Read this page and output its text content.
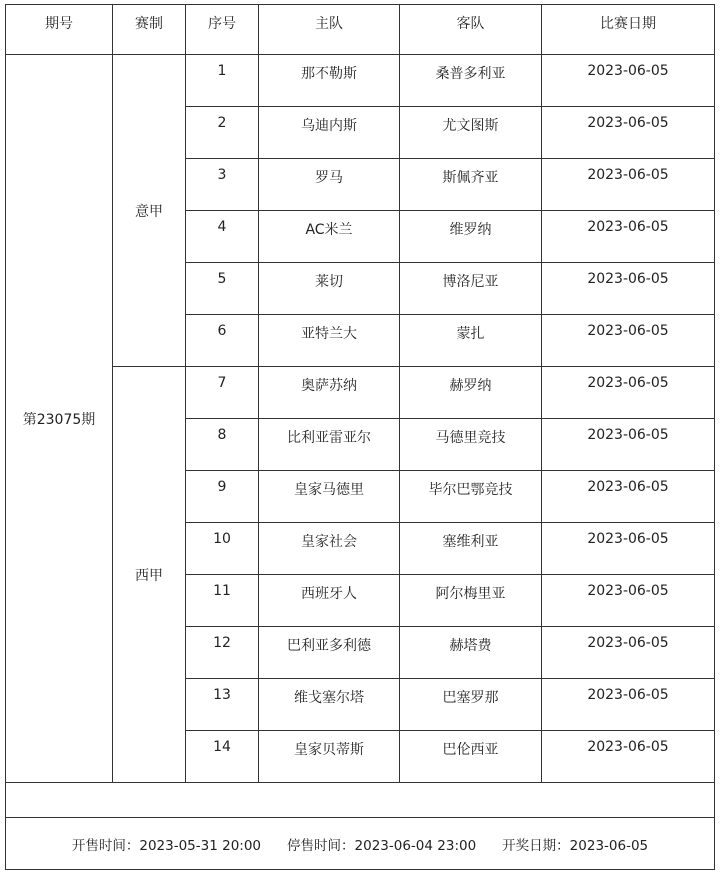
期号	赛制	序号	主队	客队	比赛日期
第23075期	意甲	1	那不勒斯	桑普多利亚	2023-06-05
		2	乌迪内斯	尤文图斯	2023-06-05
		3	罗马	斯佩齐亚	2023-06-05
		4	AC米兰	维罗纳	2023-06-05
		5	莱切	博洛尼亚	2023-06-05
		6	亚特兰大	蒙扎	2023-06-05
	西甲	7	奥萨苏纳	赫罗纳	2023-06-05
		8	比利亚雷亚尔	马德里竞技	2023-06-05
		9	皇家马德里	毕尔巴鄂竞技	2023-06-05
		10	皇家社会	塞维利亚	2023-06-05
		11	西班牙人	阿尔梅里亚	2023-06-05
		12	巴利亚多利德	赫塔费	2023-06-05
		13	维戈塞尔塔	巴塞罗那	2023-06-05
		14	皇家贝蒂斯	巴伦西亚	2023-06-05

开售时间：2023-05-31 20:00 停售时间：2023-06-04 23:00 开奖日期：2023-06-05					
